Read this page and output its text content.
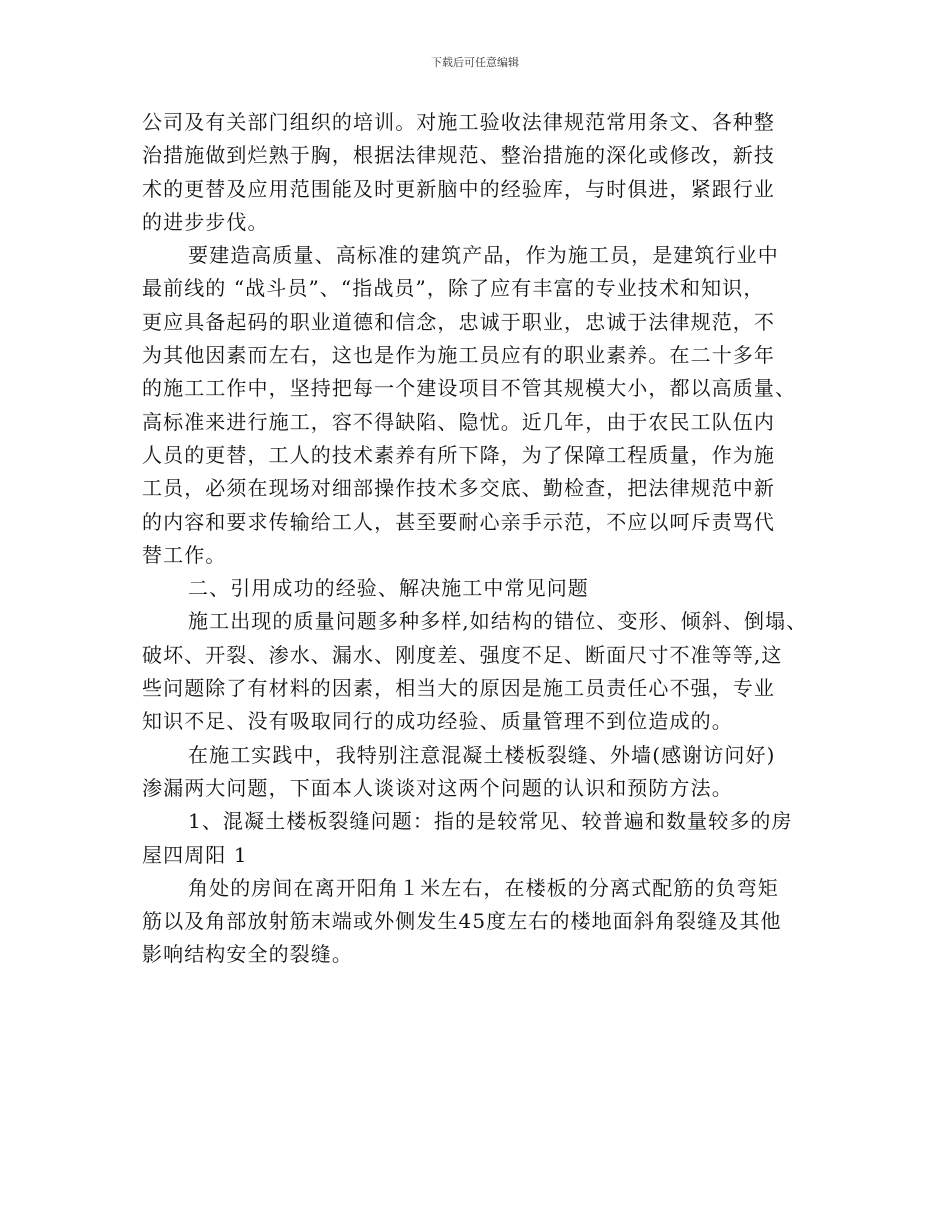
下载后可任意编辑
公司及有关部门组织的培训。对施工验收法律规范常用条文、各种整
治措施做到烂熟于胸，根据法律规范、整治措施的深化或修改，新技
术的更替及应用范围能及时更新脑中的经验库，与时俱进，紧跟行业
的进步步伐。
要建造高质量、高标准的建筑产品，作为施工员，是建筑行业中
最前线的 “战斗员”、“指战员”，除了应有丰富的专业技术和知识，
更应具备起码的职业道德和信念，忠诚于职业，忠诚于法律规范，不
为其他因素而左右，这也是作为施工员应有的职业素养。在二十多年
的施工工作中，坚持把每一个建设项目不管其规模大小，都以高质量、
高标准来进行施工，容不得缺陷、隐忧。近几年，由于农民工队伍内
人员的更替，工人的技术素养有所下降，为了保障工程质量，作为施
工员，必须在现场对细部操作技术多交底、勤检查，把法律规范中新
的内容和要求传输给工人，甚至要耐心亲手示范，不应以呵斥责骂代
替工作。
二、引用成功的经验、解决施工中常见问题
施工出现的质量问题多种多样,如结构的错位、变形、倾斜、倒塌、
破坏、开裂、渗水、漏水、刚度差、强度不足、断面尺寸不准等等,这
些问题除了有材料的因素，相当大的原因是施工员责任心不强，专业
知识不足、没有吸取同行的成功经验、质量管理不到位造成的。
在施工实践中，我特别注意混凝土楼板裂缝、外墙(感谢访问好)
渗漏两大问题，下面本人谈谈对这两个问题的认识和预防方法。
1、混凝土楼板裂缝问题：指的是较常见、较普遍和数量较多的房
屋四周阳 1
角处的房间在离开阳角１米左右，在楼板的分离式配筋的负弯矩
筋以及角部放射筋末端或外侧发生45度左右的楼地面斜角裂缝及其他
影响结构安全的裂缝。
